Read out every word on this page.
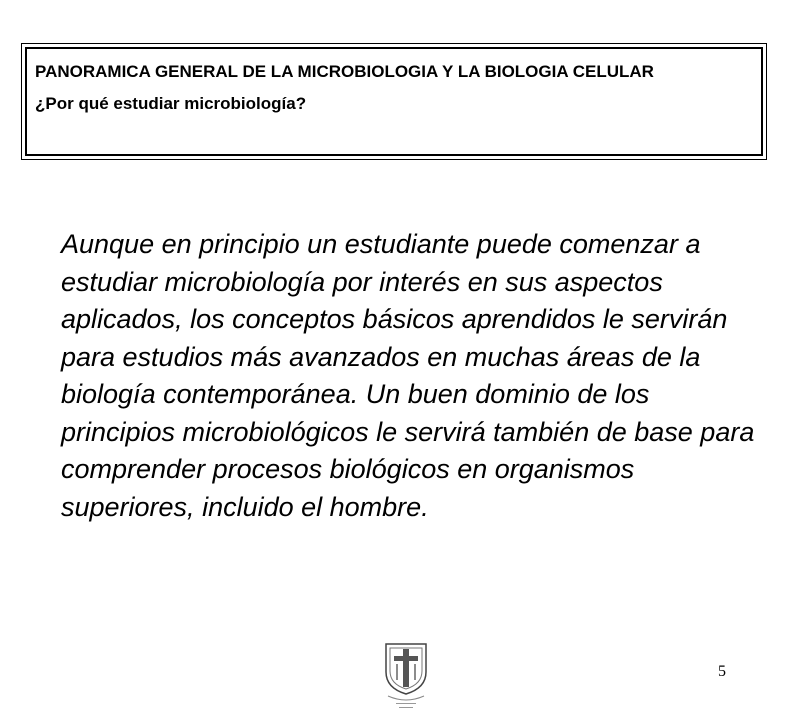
PANORAMICA GENERAL DE LA MICROBIOLOGIA Y LA BIOLOGIA CELULAR

¿Por qué estudiar microbiología?

Aunque en principio un estudiante puede comenzar a estudiar microbiología por interés en sus aspectos aplicados, los conceptos básicos aprendidos le servirán para estudios más avanzados en muchas áreas de la biología contemporánea. Un buen dominio de los principios microbiológicos le servirá también de base para comprender procesos biológicos en organismos superiores, incluido el hombre.

5
